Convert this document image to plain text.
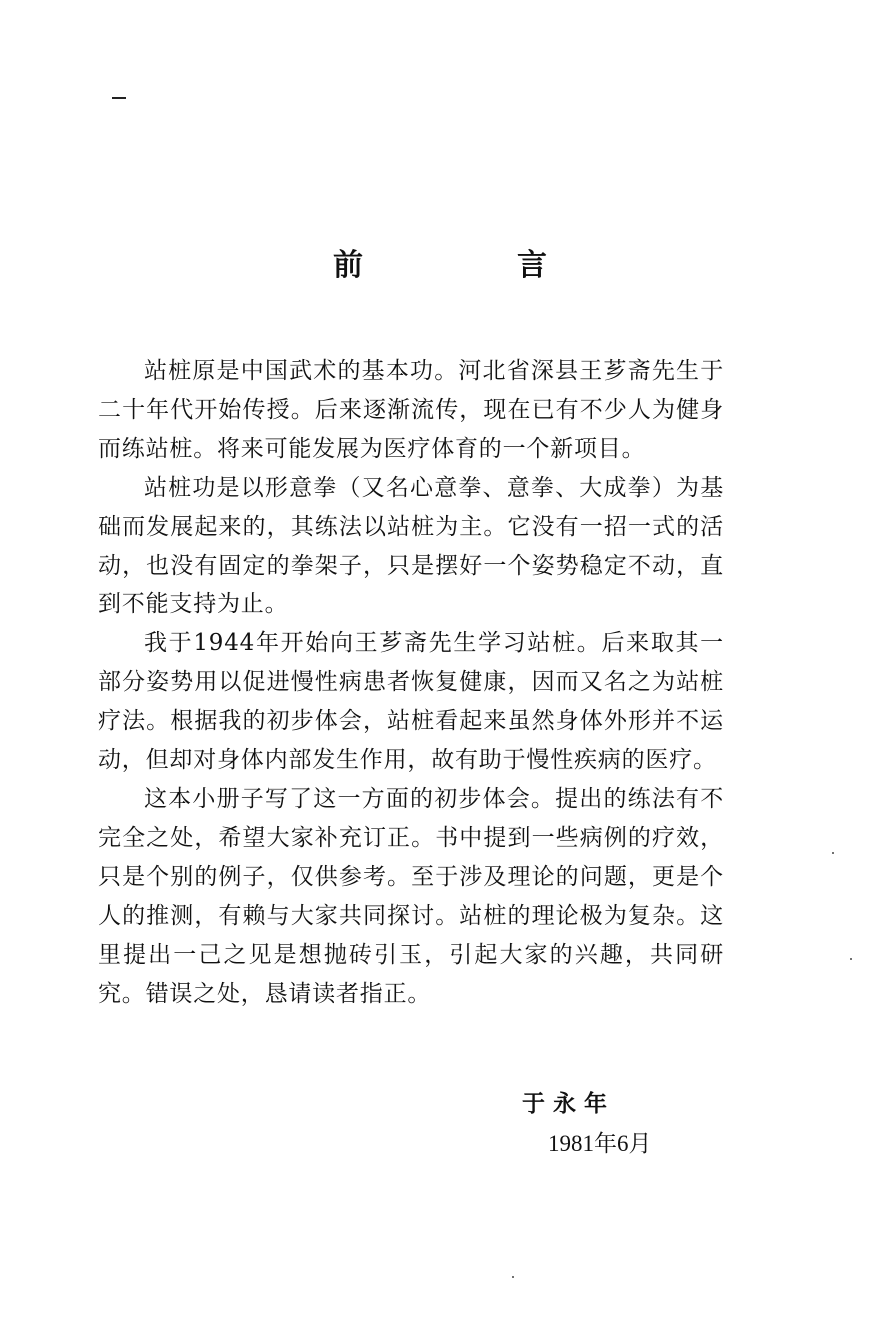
前　言

站桩原是中国武术的基本功。河北省深县王芗斋先生于二十年代开始传授。后来逐渐流传，现在已有不少人为健身而练站桩。将来可能发展为医疗体育的一个新项目。

站桩功是以形意拳（又名心意拳、意拳、大成拳）为基础而发展起来的，其练法以站桩为主。它没有一招一式的活动，也没有固定的拳架子，只是摆好一个姿势稳定不动，直到不能支持为止。

我于1944年开始向王芗斋先生学习站桩。后来取其一部分姿势用以促进慢性病患者恢复健康，因而又名之为站桩疗法。根据我的初步体会，站桩看起来虽然身体外形并不运动，但却对身体内部发生作用，故有助于慢性疾病的医疗。

这本小册子写了这一方面的初步体会。提出的练法有不完全之处，希望大家补充订正。书中提到一些病例的疗效，只是个别的例子，仅供参考。至于涉及理论的问题，更是个人的推测，有赖与大家共同探讨。站桩的理论极为复杂。这里提出一己之见是想抛砖引玉，引起大家的兴趣，共同研究。错误之处，恳请读者指正。

于永年
1981年6月
